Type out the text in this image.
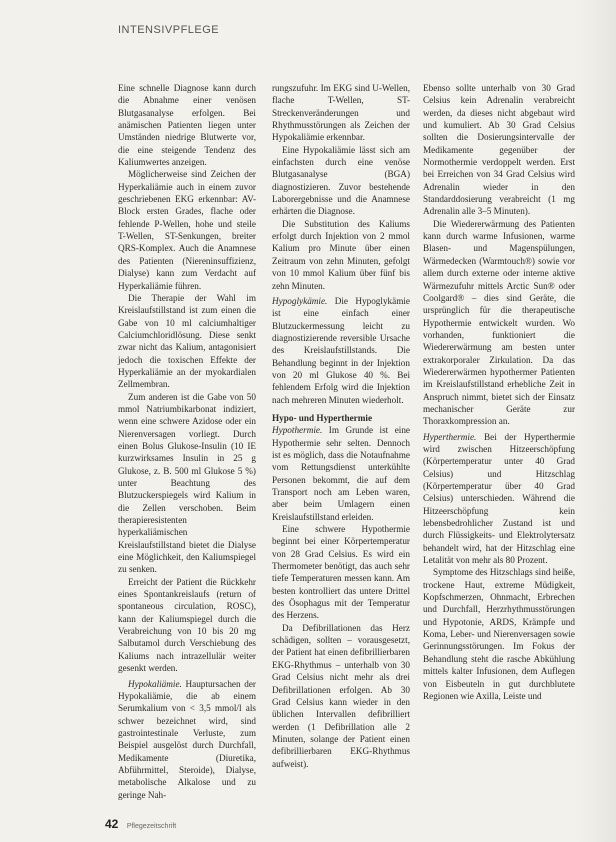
INTENSIVPFLEGE

Eine schnelle Diagnose kann durch die Abnahme einer venösen Blutgasanalyse erfolgen. Bei anämischen Patienten liegen unter Umständen niedrige Blutwerte vor, die eine steigende Tendenz des Kaliumwertes anzeigen.

Möglicherweise sind Zeichen der Hyperkaliämie auch in einem zuvor geschriebenen EKG erkennbar: AV-Block ersten Grades, flache oder fehlende P-Wellen, hohe und steile T-Wellen, ST-Senkungen, breiter QRS-Komplex. Auch die Anamnese des Patienten (Niereninsuffizienz, Dialyse) kann zum Verdacht auf Hyperkaliämie führen.

Die Therapie der Wahl im Kreislaufstillstand ist zum einen die Gabe von 10 ml calciumhaltiger Calciumchloridlösung. Diese senkt zwar nicht das Kalium, antagonisiert jedoch die toxischen Effekte der Hyperkaliämie an der myokardialen Zellmembran.

Zum anderen ist die Gabe von 50 mmol Natriumbikarbonat indiziert, wenn eine schwere Azidose oder ein Nierenversagen vorliegt. Durch einen Bolus Glukose-Insulin (10 IE kurzwirksames Insulin in 25 g Glukose, z. B. 500 ml Glukose 5 %) unter Beachtung des Blutzuckerspiegels wird Kalium in die Zellen verschoben. Beim therapieresistenten hyperkaliämischen Kreislaufstillstand bietet die Dialyse eine Möglichkeit, den Kaliumspiegel zu senken.

Erreicht der Patient die Rückkehr eines Spontankreislaufs (return of spontaneous circulation, ROSC), kann der Kaliumspiegel durch die Verabreichung von 10 bis 20 mg Salbutamol durch Verschiebung des Kaliums nach intrazellulär weiter gesenkt werden.

Hypokaliämie. Hauptursachen der Hypokaliämie, die ab einem Serumkalium von < 3,5 mmol/l als schwer bezeichnet wird, sind gastrointestinale Verluste, zum Beispiel ausgelöst durch Durchfall, Medikamente (Diuretika, Abführmittel, Steroide), Dialyse, metabolische Alkalose und zu geringe Nah-

rungszufuhr. Im EKG sind U-Wellen, flache T-Wellen, ST-Streckenveränderungen und Rhythmusstörungen als Zeichen der Hypokaliämie erkennbar.

Eine Hypokaliämie lässt sich am einfachsten durch eine venöse Blutgasanalyse (BGA) diagnostizieren. Zuvor bestehende Laborergebnisse und die Anamnese erhärten die Diagnose.

Die Substitution des Kaliums erfolgt durch Injektion von 2 mmol Kalium pro Minute über einen Zeitraum von zehn Minuten, gefolgt von 10 mmol Kalium über fünf bis zehn Minuten.

Hypoglykämie. Die Hypoglykämie ist eine einfach einer Blutzuckermessung leicht zu diagnostizierende reversible Ursache des Kreislaufstillstands. Die Behandlung beginnt in der Injektion von 20 ml Glukose 40 %. Bei fehlendem Erfolg wird die Injektion nach mehreren Minuten wiederholt.

Hypo- und Hyperthermie

Hypothermie. Im Grunde ist eine Hypothermie sehr selten. Dennoch ist es möglich, dass die Notaufnahme vom Rettungsdienst unterkühlte Personen bekommt, die auf dem Transport noch am Leben waren, aber beim Umlagern einen Kreislaufstillstand erleiden.

Eine schwere Hypothermie beginnt bei einer Körpertemperatur von 28 Grad Celsius. Es wird ein Thermometer benötigt, das auch sehr tiefe Temperaturen messen kann. Am besten kontrolliert das untere Drittel des Ösophagus mit der Temperatur des Herzens.

Da Defibrillationen das Herz schädigen, sollten – vorausgesetzt, der Patient hat einen defibrillierbaren EKG-Rhythmus – unterhalb von 30 Grad Celsius nicht mehr als drei Defibrillationen erfolgen. Ab 30 Grad Celsius kann wieder in den üblichen Intervallen defibrilliert werden (1 Defibrillation alle 2 Minuten, solange der Patient einen defibrillierbaren EKG-Rhythmus aufweist).

Ebenso sollte unterhalb von 30 Grad Celsius kein Adrenalin verabreicht werden, da dieses nicht abgebaut wird und kumuliert. Ab 30 Grad Celsius sollten die Dosierungsintervalle der Medikamente gegenüber der Normothermie verdoppelt werden. Erst bei Erreichen von 34 Grad Celsius wird Adrenalin wieder in den Standarddosierung verabreicht (1 mg Adrenalin alle 3–5 Minuten).

Die Wiedererwärmung des Patienten kann durch warme Infusionen, warme Blasen- und Magenspülungen, Wärmedecken (Warmtouch®) sowie vor allem durch externe oder interne aktive Wärmezufuhr mittels Arctic Sun® oder Coolgard® – dies sind Geräte, die ursprünglich für die therapeutische Hypothermie entwickelt wurden. Wo vorhanden, funktioniert die Wiedererwärmung am besten unter extrakorporaler Zirkulation. Da das Wiedererwärmen hypothermer Patienten im Kreislaufstillstand erhebliche Zeit in Anspruch nimmt, bietet sich der Einsatz mechanischer Geräte zur Thoraxkompression an.

Hyperthermie. Bei der Hyperthermie wird zwischen Hitzeerschöpfung (Körpertemperatur unter 40 Grad Celsius) und Hitzschlag (Körpertemperatur über 40 Grad Celsius) unterschieden. Während die Hitzeerschöpfung kein lebensbedrohlicher Zustand ist und durch Flüssigkeits- und Elektrolytersatz behandelt wird, hat der Hitzschlag eine Letalität von mehr als 80 Prozent.

Symptome des Hitzschlags sind heiße, trockene Haut, extreme Müdigkeit, Kopfschmerzen, Ohnmacht, Erbrechen und Durchfall, Herzrhythmusstörungen und Hypotonie, ARDS, Krämpfe und Koma, Leber- und Nierenversagen sowie Gerinnungsstörungen. Im Fokus der Behandlung steht die rasche Abkühlung mittels kalter Infusionen, dem Auflegen von Eisbeuteln in gut durchblutete Regionen wie Axilla, Leiste und

42 Pflegezeitschrift
